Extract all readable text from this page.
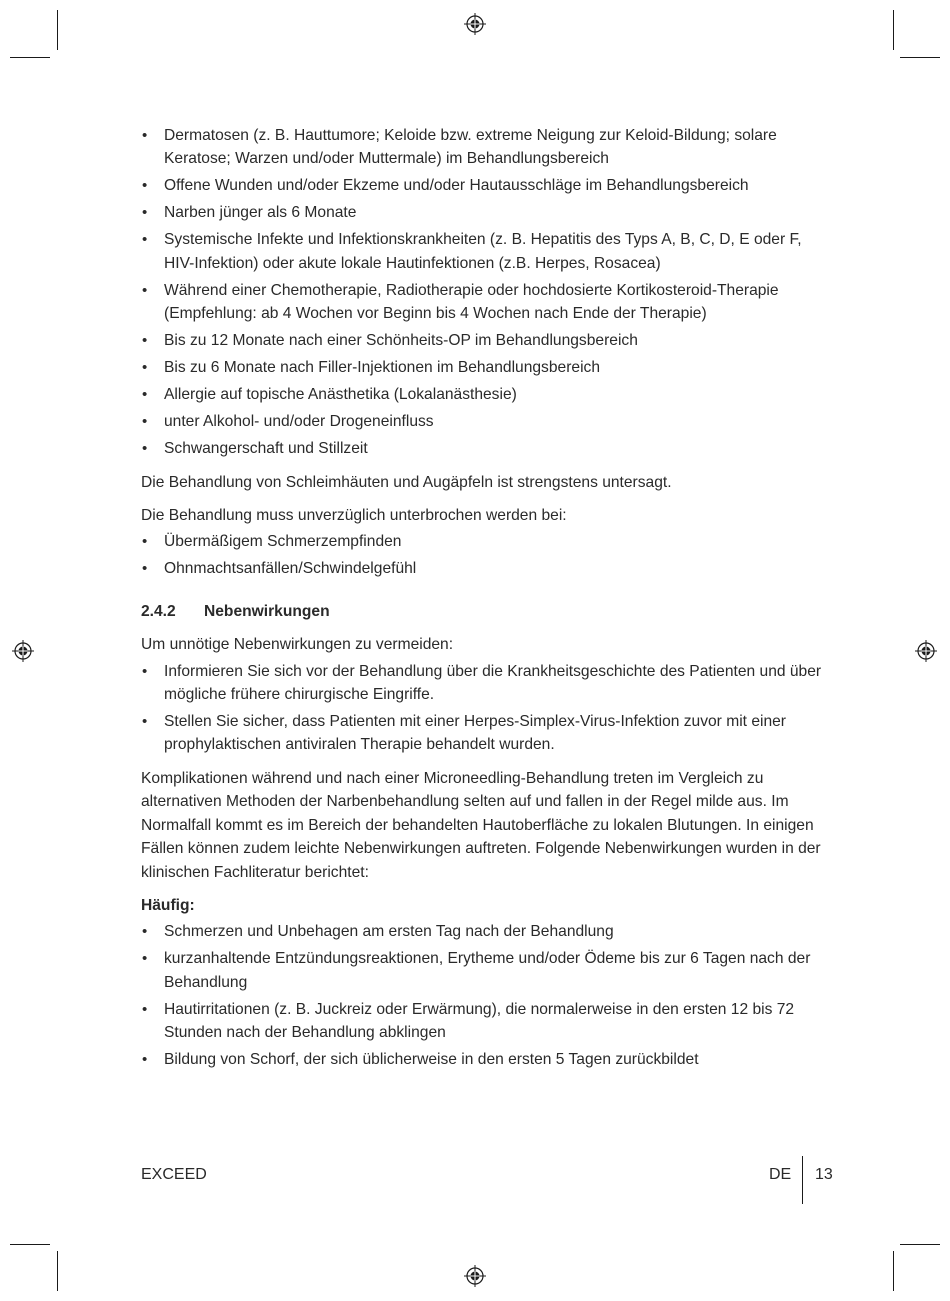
• Dermatosen (z. B. Hauttumore; Keloide bzw. extreme Neigung zur Keloid-Bildung; solare Keratose; Warzen und/oder Muttermale) im Behandlungsbereich
• Offene Wunden und/oder Ekzeme und/oder Hautausschläge im Behandlungsbereich
• Narben jünger als 6 Monate
• Systemische Infekte und Infektionskrankheiten (z. B. Hepatitis des Typs A, B, C, D, E oder F, HIV-Infektion) oder akute lokale Hautinfektionen (z.B. Herpes, Rosacea)
• Während einer Chemotherapie, Radiotherapie oder hochdosierte Kortikosteroid-Therapie (Empfehlung: ab 4 Wochen vor Beginn bis 4 Wochen nach Ende der Therapie)
• Bis zu 12 Monate nach einer Schönheits-OP im Behandlungsbereich
• Bis zu 6 Monate nach Filler-Injektionen im Behandlungsbereich
• Allergie auf topische Anästhetika (Lokalanästhesie)
• unter Alkohol- und/oder Drogeneinfluss
• Schwangerschaft und Stillzeit

Die Behandlung von Schleimhäuten und Augäpfeln ist strengstens untersagt.

Die Behandlung muss unverzüglich unterbrochen werden bei:

• Übermäßigem Schmerzempfinden
• Ohnmachtsanfällen/Schwindelgefühl
2.4.2 Nebenwirkungen

Um unnötige Nebenwirkungen zu vermeiden:

• Informieren Sie sich vor der Behandlung über die Krankheitsgeschichte des Patienten und über mögliche frühere chirurgische Eingriffe.
• Stellen Sie sicher, dass Patienten mit einer Herpes-Simplex-Virus-Infektion zuvor mit einer prophylaktischen antiviralen Therapie behandelt wurden.

Komplikationen während und nach einer Microneedling-Behandlung treten im Vergleich zu alternativen Methoden der Narbenbehandlung selten auf und fallen in der Regel milde aus. Im Normalfall kommt es im Bereich der behandelten Hautoberfläche zu lokalen Blutungen. In einigen Fällen können zudem leichte Nebenwirkungen auftreten. Folgende Nebenwirkungen wurden in der klinischen Fachliteratur berichtet:

Häufig:

• Schmerzen und Unbehagen am ersten Tag nach der Behandlung
• kurzanhaltende Entzündungsreaktionen, Erytheme und/oder Ödeme bis zur 6 Tagen nach der Behandlung
• Hautirritationen (z. B. Juckreiz oder Erwärmung), die normalerweise in den ersten 12 bis 72 Stunden nach der Behandlung abklingen
• Bildung von Schorf, der sich üblicherweise in den ersten 5 Tagen zurückbildet
EXCEED	DE 13
